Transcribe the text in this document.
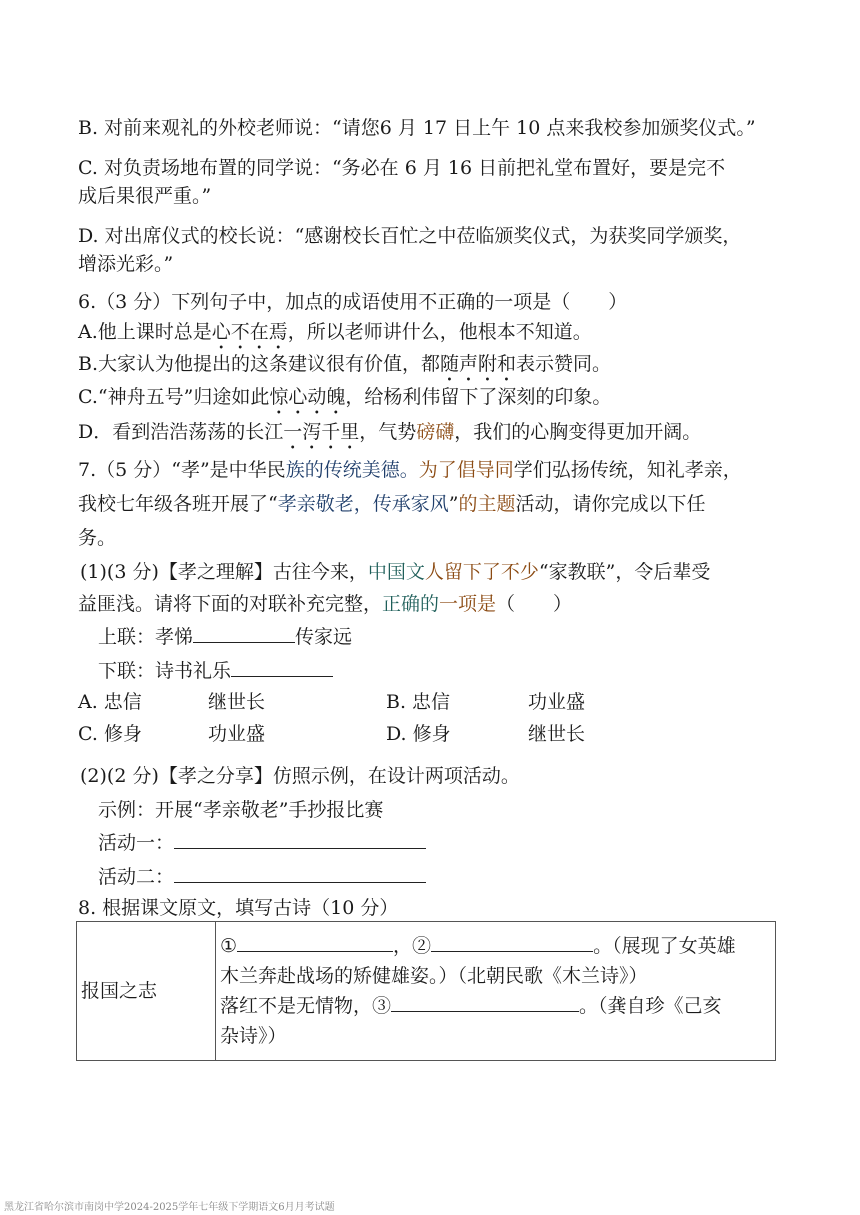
B. 对前来观礼的外校老师说：“请您6 月 17 日上午 10 点来我校参加颁奖仪式。”
C. 对负责场地布置的同学说：“务必在 6 月 16 日前把礼堂布置好，要是完不
成后果很严重。”
D. 对出席仪式的校长说：“感谢校长百忙之中莅临颁奖仪式，为获奖同学颁奖，
增添光彩。”
6.（3 分）下列句子中，加点的成语使用不正确的一项是（　　）
A.他上课时总是心不在焉，所以老师讲什么，他根本不知道。
B.大家认为他提出的这条建议很有价值，都随声附和表示赞同。
C.“神舟五号”归途如此惊心动魄，给杨利伟留下了深刻的印象。
D．看到浩浩荡荡的长江一泻千里，气势磅礴，我们的心胸变得更加开阔。
7.（5 分）“孝”是中华民族的传统美德。为了倡导同学们弘扬传统，知礼孝亲，
我校七年级各班开展了“孝亲敬老，传承家风”的主题活动，请你完成以下任
务。
(1)(3 分)【孝之理解】古往今来，中国文人留下了不少“家教联”，令后辈受
益匪浅。请将下面的对联补充完整，正确的一项是（　　）
上联：孝悌	传家远
下联：诗书礼乐
A. 忠信	继世长	B. 忠信	功业盛
C. 修身	功业盛	D. 修身	继世长
(2)(2 分)【孝之分享】仿照示例，在设计两项活动。
示例：开展“孝亲敬老”手抄报比赛
活动一：
活动二：
8. 根据课文原文，填写古诗（10 分）
报国之志	
①	，②	。（展现了女英雄
木兰奔赴战场的矫健雄姿。）（北朝民歌《木兰诗》）
落红不是无情物，③	。（龚自珍《己亥
杂诗》）
黑龙江省哈尔滨市南岗中学2024-2025学年七年级下学期语文6月月考试题
